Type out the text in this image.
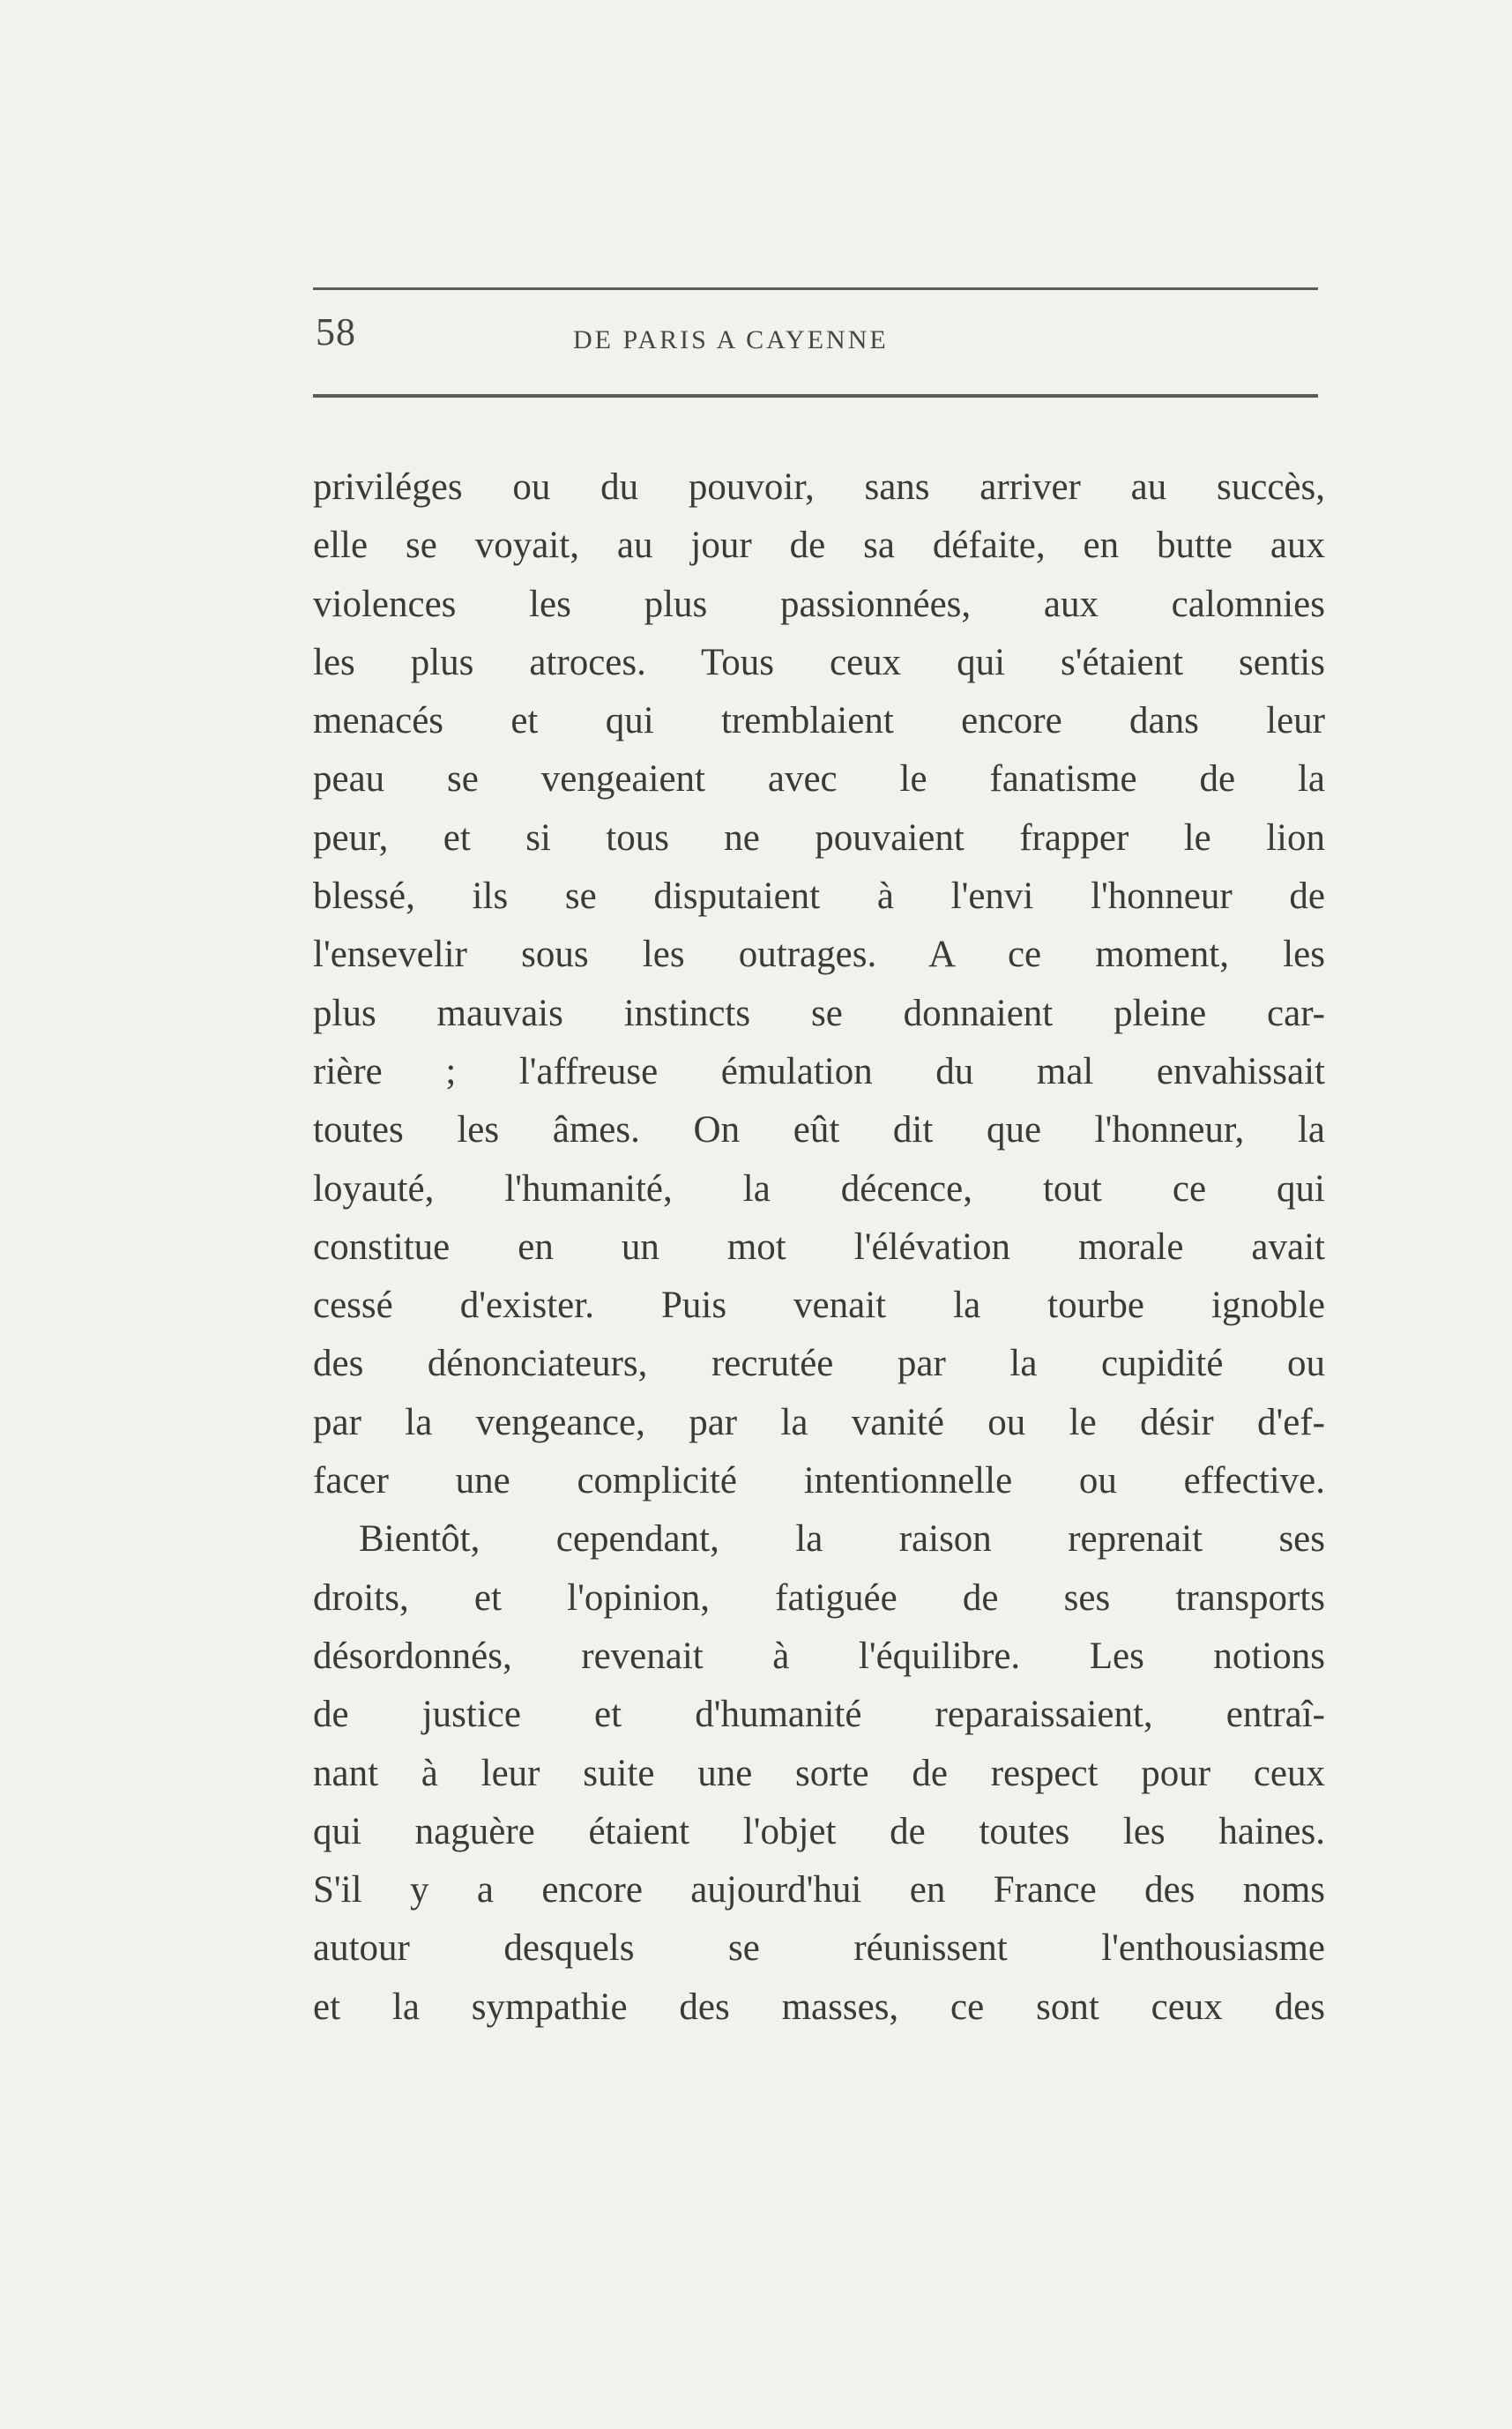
58	DE PARIS A CAYENNE
priviléges ou du pouvoir, sans arriver au succès,
elle se voyait, au jour de sa défaite, en butte aux
violences les plus passionnées, aux calomnies
les plus atroces. Tous ceux qui s'étaient sentis
menacés et qui tremblaient encore dans leur
peau se vengeaient avec le fanatisme de la
peur, et si tous ne pouvaient frapper le lion
blessé, ils se disputaient à l'envi l'honneur de
l'ensevelir sous les outrages. A ce moment, les
plus mauvais instincts se donnaient pleine car-
rière ; l'affreuse émulation du mal envahissait
toutes les âmes. On eût dit que l'honneur, la
loyauté, l'humanité, la décence, tout ce qui
constitue en un mot l'élévation morale avait
cessé d'exister. Puis venait la tourbe ignoble
des dénonciateurs, recrutée par la cupidité ou
par la vengeance, par la vanité ou le désir d'ef-
facer une complicité intentionnelle ou effective.
Bientôt, cependant, la raison reprenait ses
droits, et l'opinion, fatiguée de ses transports
désordonnés, revenait à l'équilibre. Les notions
de justice et d'humanité reparaissaient, entraî-
nant à leur suite une sorte de respect pour ceux
qui naguère étaient l'objet de toutes les haines.
S'il y a encore aujourd'hui en France des noms
autour desquels se réunissent l'enthousiasme
et la sympathie des masses, ce sont ceux des
